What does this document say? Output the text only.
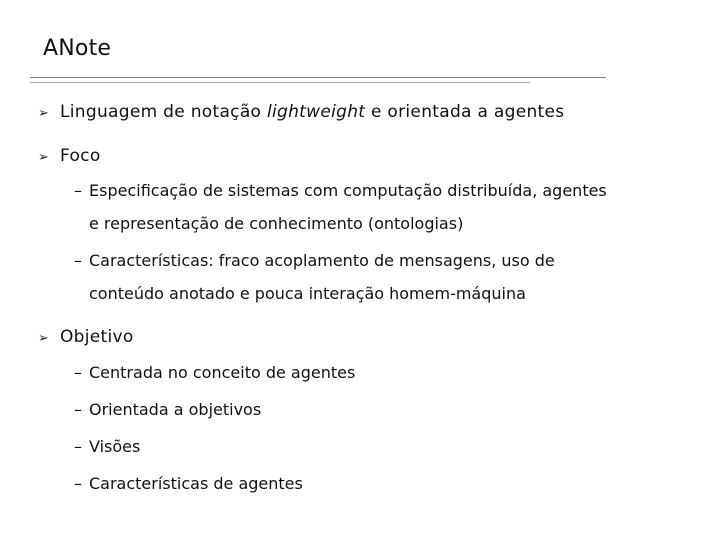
ANote
➢ Linguagem de notação lightweight e orientada a agentes
➢ Foco
– Especificação de sistemas com computação distribuída, agentes
e representação de conhecimento (ontologias)
– Características: fraco acoplamento de mensagens, uso de
conteúdo anotado e pouca interação homem-máquina
➢ Objetivo
– Centrada no conceito de agentes
– Orientada a objetivos
– Visões
– Características de agentes
